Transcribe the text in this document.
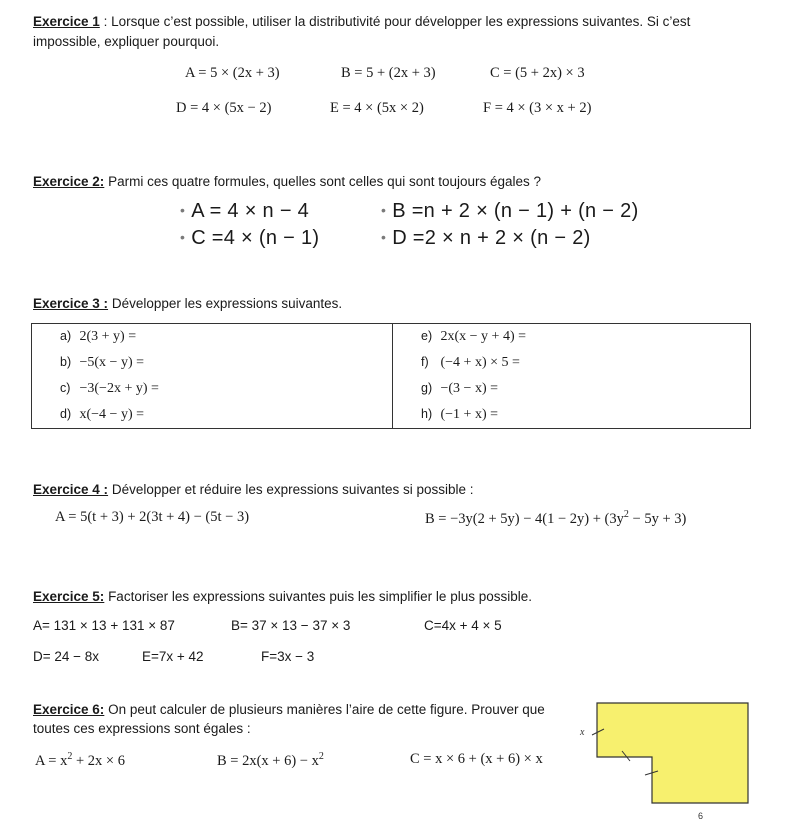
Exercice 1 : Lorsque c’est possible, utiliser la distributivité pour développer les expressions suivantes. Si c’est
impossible, expliquer pourquoi.
A = 5 × (2x + 3)	B = 5 + (2x + 3)	C = (5 + 2x) × 3
D = 4 × (5x − 2)	E = 4 × (5x × 2)	F = 4 × (3 × x + 2)
Exercice 2: Parmi ces quatre formules, quelles sont celles qui sont toujours égales ?
• A = 4 × n − 4	• B =n + 2 × (n − 1) + (n − 2)
• C =4 × (n − 1)	• D =2 × n + 2 × (n − 2)
Exercice 3 : Développer les expressions suivantes.
a) 2(3 + y) =	e) 2x(x − y + 4) =
b) −5(x − y) =	f) (−4 + x) × 5 =
c) −3(−2x + y) =	g) −(3 − x) =
d) x(−4 − y) =	h) (−1 + x) =
Exercice 4 : Développer et réduire les expressions suivantes si possible :
A = 5(t + 3) + 2(3t + 4) − (5t − 3)	$B = -3y(2 + 5y) - 4(1 - 2y) + (3y^2 - 5y + 3)$
Exercice 5: Factoriser les expressions suivantes puis les simplifier le plus possible.
A= 131 × 13 + 131 × 87	B= 37 × 13 − 37 × 3	C=4x + 4 × 5
D= 24 − 8x	E=7x + 42	F=3x − 3
Exercice 6: On peut calculer de plusieurs manières l’aire de cette figure. Prouver que
toutes ces expressions sont égales :
$A = x^2 + 2x \times 6$	$B = 2x(x + 6) - x^2$	C = x × 6 + (x + 6) × x
x
6
